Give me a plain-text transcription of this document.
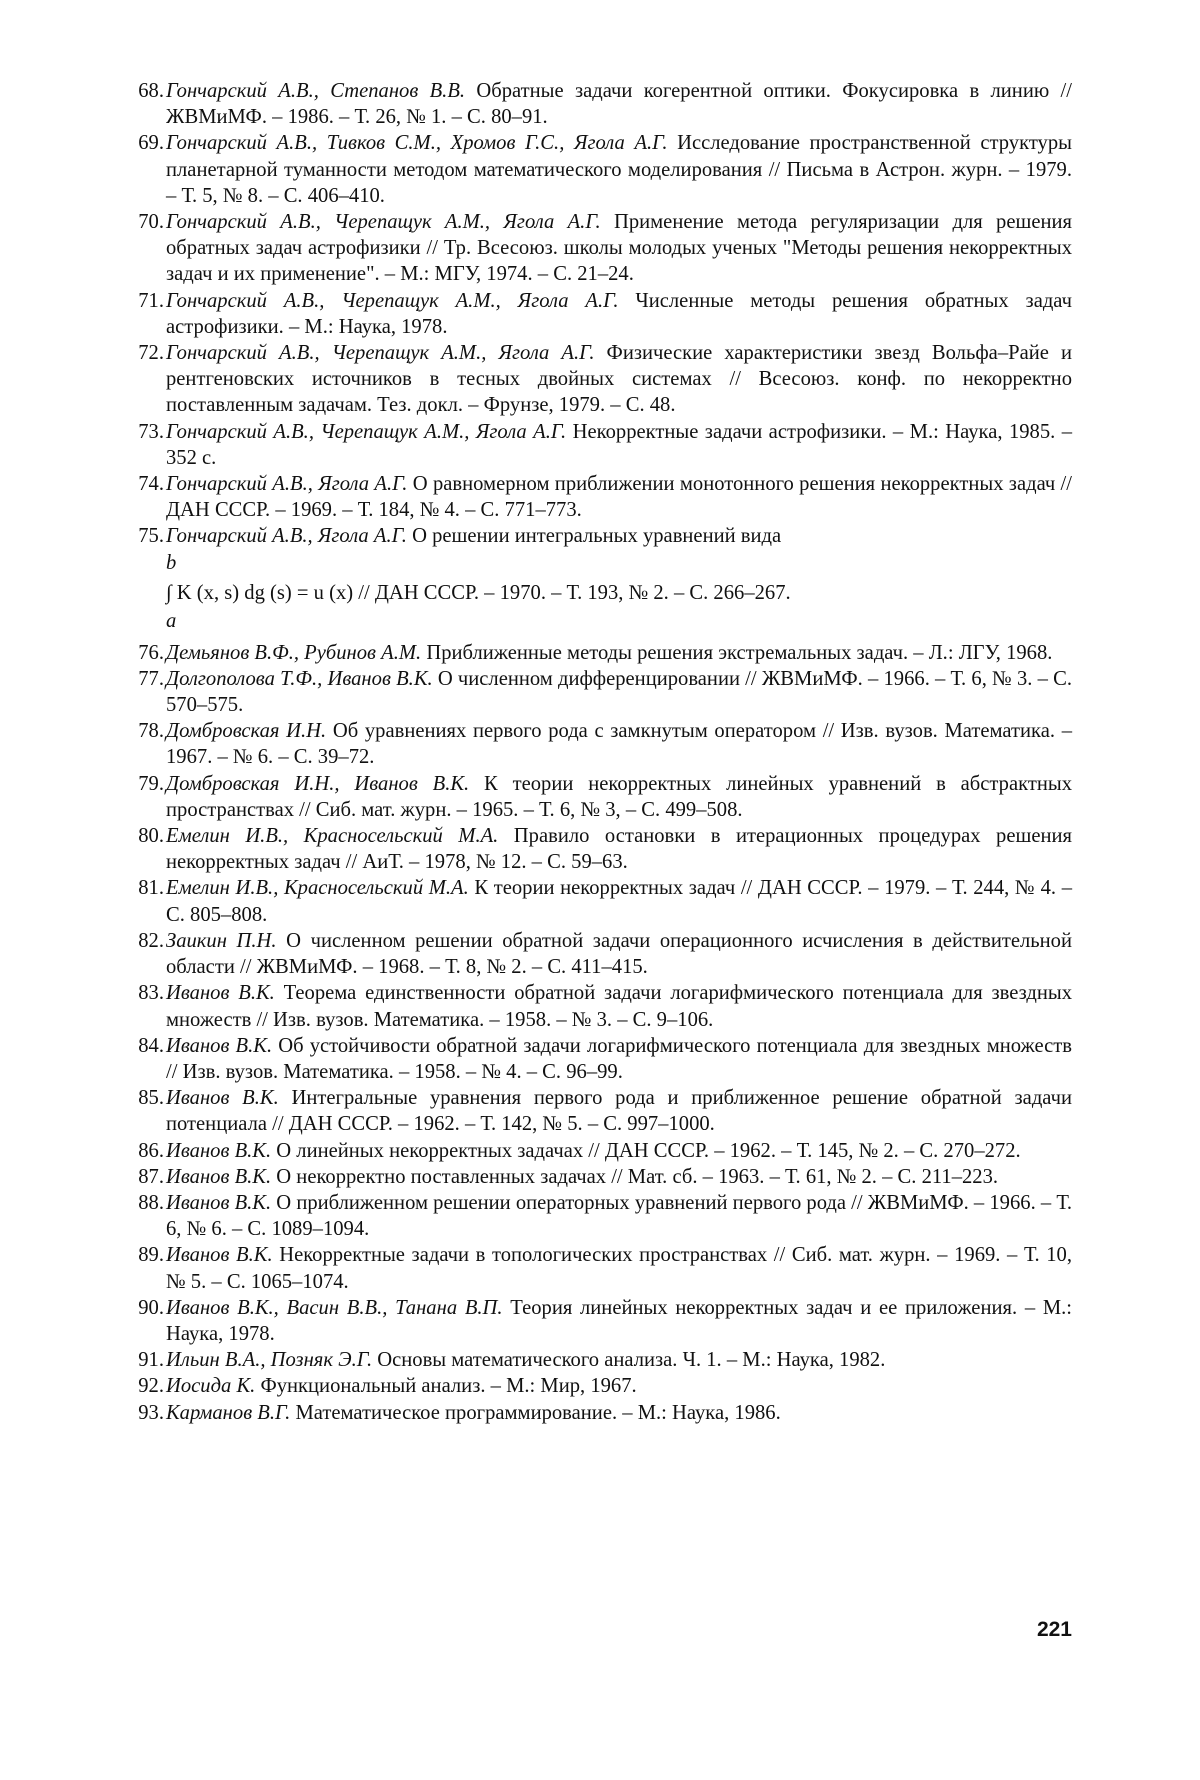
68. Гончарский А.В., Степанов В.В. Обратные задачи когерентной оптики. Фокусировка в линию // ЖВМиМФ. – 1986. – Т. 26, № 1. – С. 80–91.
69. Гончарский А.В., Тивков С.М., Хромов Г.С., Ягола А.Г. Исследование пространственной структуры планетарной туманности методом математического моделирования // Письма в Астрон. журн. – 1979. – Т. 5, № 8. – С. 406–410.
70. Гончарский А.В., Черепащук А.М., Ягола А.Г. Применение метода регуляризации для решения обратных задач астрофизики // Тр. Всесоюз. школы молодых ученых "Методы решения некорректных задач и их применение". – М.: МГУ, 1974. – С. 21–24.
71. Гончарский А.В., Черепащук А.М., Ягола А.Г. Численные методы решения обратных задач астрофизики. – М.: Наука, 1978.
72. Гончарский А.В., Черепащук А.М., Ягола А.Г. Физические характеристики звезд Вольфа–Райе и рентгеновских источников в тесных двойных системах // Всесоюз. конф. по некорректно поставленным задачам. Тез. докл. – Фрунзе, 1979. – С. 48.
73. Гончарский А.В., Черепащук А.М., Ягола А.Г. Некорректные задачи астрофизики. – М.: Наука, 1985. – 352 с.
74. Гончарский А.В., Ягола А.Г. О равномерном приближении монотонного решения некорректных задач // ДАН СССР. – 1969. – Т. 184, № 4. – С. 771–773.
75. Гончарский А.В., Ягола А.Г. О решении интегральных уравнений вида
b
∫ K (x, s) dg (s) = u (x) // ДАН СССР. – 1970. – Т. 193, № 2. – С. 266–267.
a
76. Демьянов В.Ф., Рубинов А.М. Приближенные методы решения экстремальных задач. – Л.: ЛГУ, 1968.
77. Долгополова Т.Ф., Иванов В.К. О численном дифференцировании // ЖВМиМФ. – 1966. – Т. 6, № 3. – С. 570–575.
78. Домбровская И.Н. Об уравнениях первого рода с замкнутым оператором // Изв. вузов. Математика. – 1967. – № 6. – С. 39–72.
79. Домбровская И.Н., Иванов В.К. К теории некорректных линейных уравнений в абстрактных пространствах // Сиб. мат. журн. – 1965. – Т. 6, № 3, – С. 499–508.
80. Емелин И.В., Красносельский М.А. Правило остановки в итерационных процедурах решения некорректных задач // АиТ. – 1978, № 12. – С. 59–63.
81. Емелин И.В., Красносельский М.А. К теории некорректных задач // ДАН СССР. – 1979. – Т. 244, № 4. – С. 805–808.
82. Заикин П.Н. О численном решении обратной задачи операционного исчисления в действительной области // ЖВМиМФ. – 1968. – Т. 8, № 2. – С. 411–415.
83. Иванов В.К. Теорема единственности обратной задачи логарифмического потенциала для звездных множеств // Изв. вузов. Математика. – 1958. – № 3. – С. 9–106.
84. Иванов В.К. Об устойчивости обратной задачи логарифмического потенциала для звездных множеств // Изв. вузов. Математика. – 1958. – № 4. – С. 96–99.
85. Иванов В.К. Интегральные уравнения первого рода и приближенное решение обратной задачи потенциала // ДАН СССР. – 1962. – Т. 142, № 5. – С. 997–1000.
86. Иванов В.К. О линейных некорректных задачах // ДАН СССР. – 1962. – Т. 145, № 2. – С. 270–272.
87. Иванов В.К. О некорректно поставленных задачах // Мат. сб. – 1963. – Т. 61, № 2. – С. 211–223.
88. Иванов В.К. О приближенном решении операторных уравнений первого рода // ЖВМиМФ. – 1966. – Т. 6, № 6. – С. 1089–1094.
89. Иванов В.К. Некорректные задачи в топологических пространствах // Сиб. мат. журн. – 1969. – Т. 10, № 5. – С. 1065–1074.
90. Иванов В.К., Васин В.В., Танана В.П. Теория линейных некорректных задач и ее приложения. – М.: Наука, 1978.
91. Ильин В.А., Позняк Э.Г. Основы математического анализа. Ч. 1. – М.: Наука, 1982.
92. Иосида К. Функциональный анализ. – М.: Мир, 1967.
93. Карманов В.Г. Математическое программирование. – М.: Наука, 1986.
221
